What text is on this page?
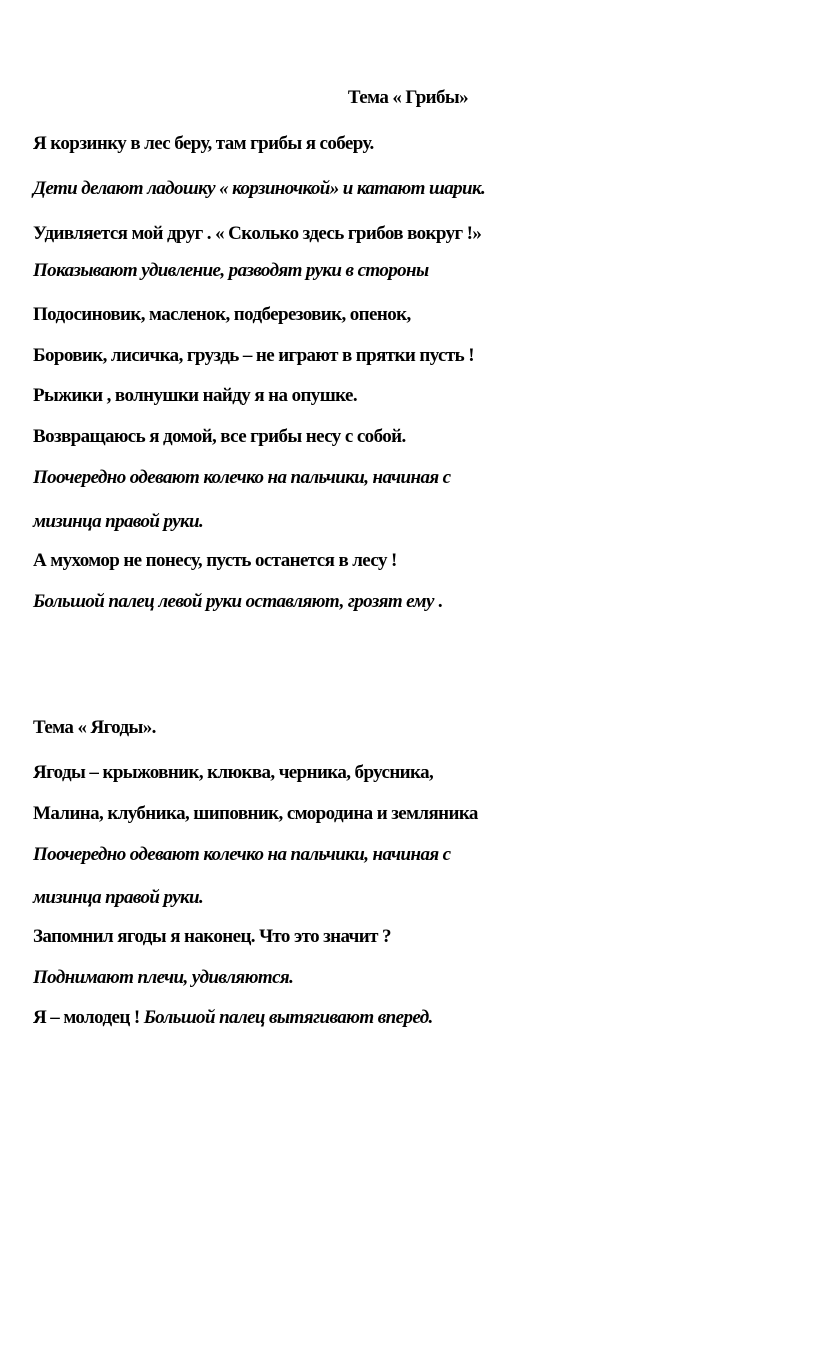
Тема « Грибы»
Я корзинку в лес беру, там грибы я соберу.
Дети делают ладошку « корзиночкой» и катают шарик.
Удивляется мой друг . « Сколько здесь грибов вокруг !»
Показывают удивление, разводят руки в стороны
Подосиновик, масленок, подберезовик, опенок,
Боровик, лисичка, груздь – не играют в прятки пусть !
Рыжики , волнушки найду я на опушке.
Возвращаюсь я домой, все грибы несу с собой.
Поочередно одевают колечко на пальчики, начиная с
мизинца правой руки.
А мухомор не понесу, пусть останется в лесу !
Большой палец левой руки оставляют, грозят ему .
Тема « Ягоды».
Ягоды – крыжовник, клюква, черника, брусника,
Малина, клубника, шиповник, смородина и земляника
Поочередно одевают колечко на пальчики, начиная с
мизинца правой руки.
Запомнил ягоды я наконец. Что это значит ?
Поднимают плечи, удивляются.
Я – молодец ! Большой палец вытягивают вперед.
